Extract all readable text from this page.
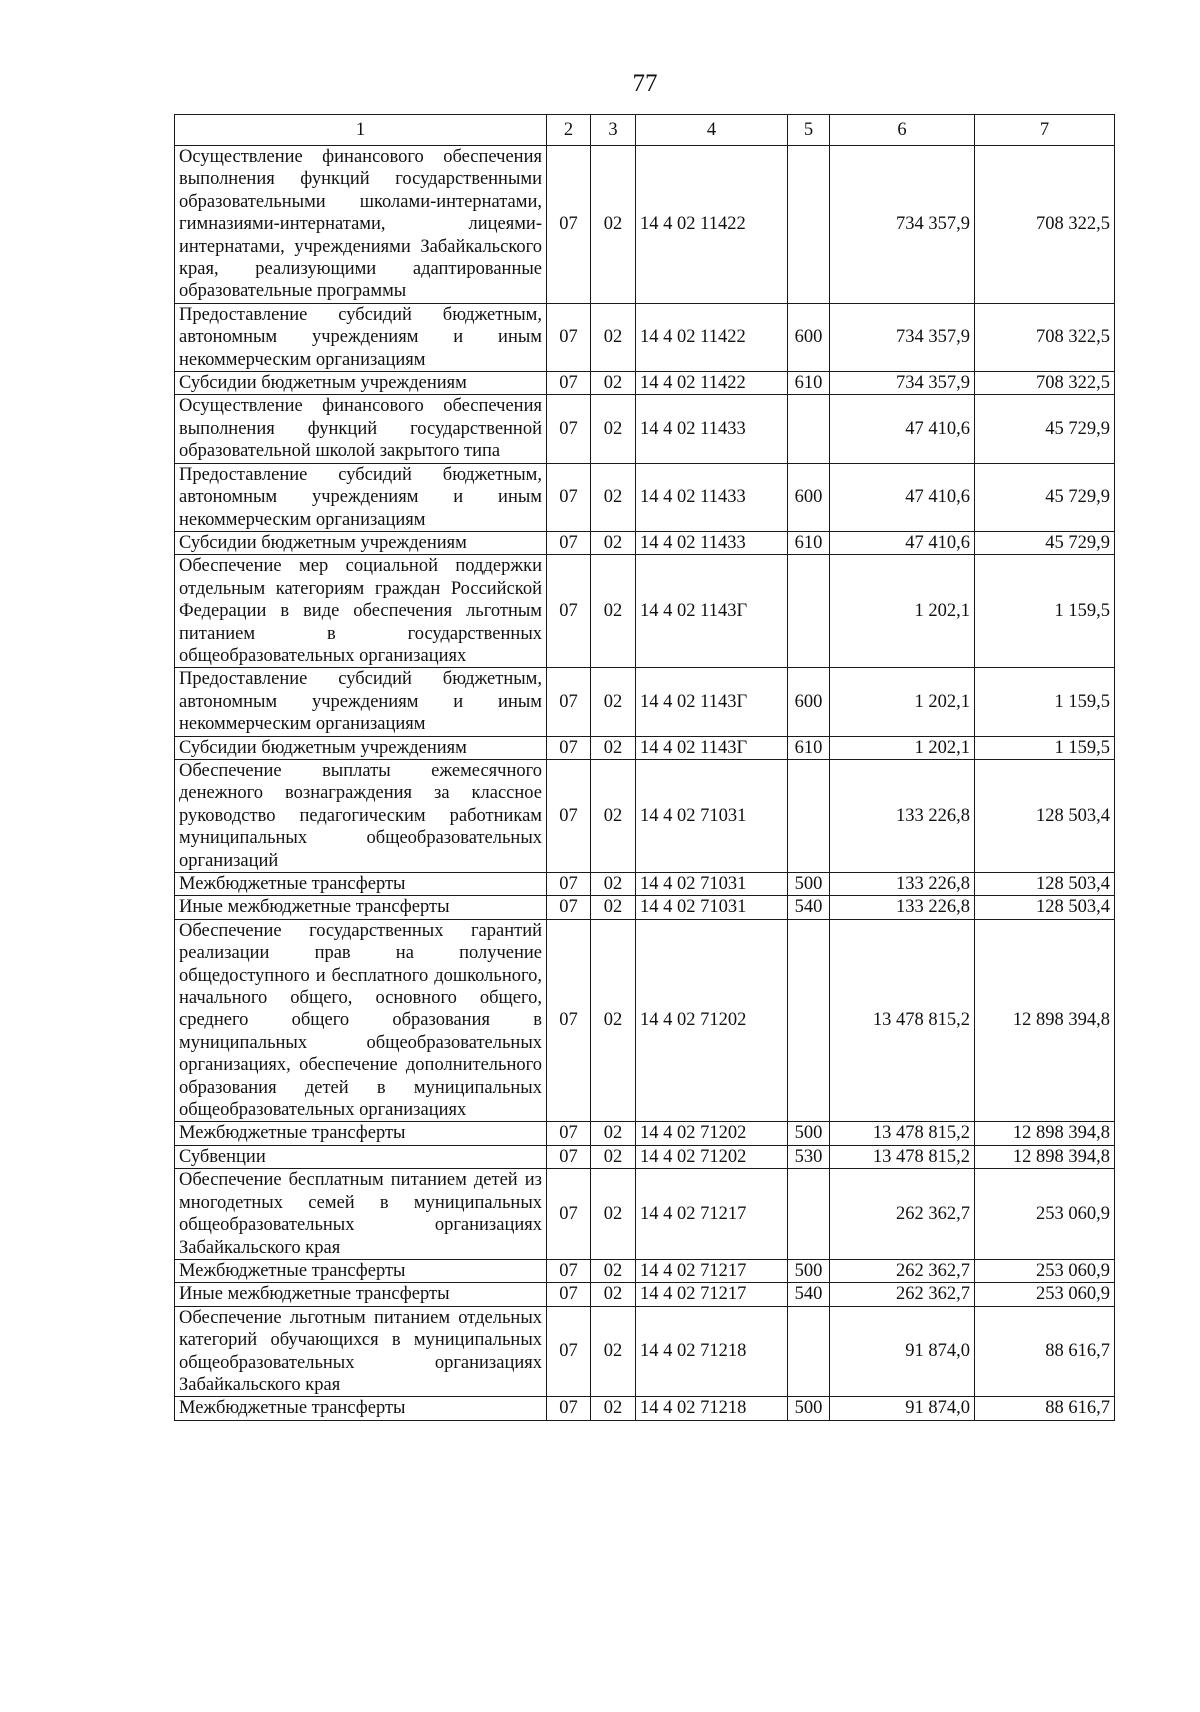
77
1	2	3	4	5	6	7
Осуществление финансового обеспечения выполнения функций государственными образовательными школами-интернатами, гимназиями-интернатами, лицеями-интернатами, учреждениями Забайкальского края, реализующими адаптированные образовательные программы	07	02	14 4 02 11422		734 357,9	708 322,5
Предоставление субсидий бюджетным, автономным учреждениям и иным некоммерческим организациям	07	02	14 4 02 11422	600	734 357,9	708 322,5
Субсидии бюджетным учреждениям	07	02	14 4 02 11422	610	734 357,9	708 322,5
Осуществление финансового обеспечения выполнения функций государственной образовательной школой закрытого типа	07	02	14 4 02 11433		47 410,6	45 729,9
Предоставление субсидий бюджетным, автономным учреждениям и иным некоммерческим организациям	07	02	14 4 02 11433	600	47 410,6	45 729,9
Субсидии бюджетным учреждениям	07	02	14 4 02 11433	610	47 410,6	45 729,9
Обеспечение мер социальной поддержки отдельным категориям граждан Российской Федерации в виде обеспечения льготным питанием в государственных общеобразовательных организациях	07	02	14 4 02 1143Г		1 202,1	1 159,5
Предоставление субсидий бюджетным, автономным учреждениям и иным некоммерческим организациям	07	02	14 4 02 1143Г	600	1 202,1	1 159,5
Субсидии бюджетным учреждениям	07	02	14 4 02 1143Г	610	1 202,1	1 159,5
Обеспечение выплаты ежемесячного денежного вознаграждения за классное руководство педагогическим работникам муниципальных общеобразовательных организаций	07	02	14 4 02 71031		133 226,8	128 503,4
Межбюджетные трансферты	07	02	14 4 02 71031	500	133 226,8	128 503,4
Иные межбюджетные трансферты	07	02	14 4 02 71031	540	133 226,8	128 503,4
Обеспечение государственных гарантий реализации прав на получение общедоступного и бесплатного дошкольного, начального общего, основного общего, среднего общего образования в муниципальных общеобразовательных организациях, обеспечение дополнительного образования детей в муниципальных общеобразовательных организациях	07	02	14 4 02 71202		13 478 815,2	12 898 394,8
Межбюджетные трансферты	07	02	14 4 02 71202	500	13 478 815,2	12 898 394,8
Субвенции	07	02	14 4 02 71202	530	13 478 815,2	12 898 394,8
Обеспечение бесплатным питанием детей из многодетных семей в муниципальных общеобразовательных организациях Забайкальского края	07	02	14 4 02 71217		262 362,7	253 060,9
Межбюджетные трансферты	07	02	14 4 02 71217	500	262 362,7	253 060,9
Иные межбюджетные трансферты	07	02	14 4 02 71217	540	262 362,7	253 060,9
Обеспечение льготным питанием отдельных категорий обучающихся в муниципальных общеобразовательных организациях Забайкальского края	07	02	14 4 02 71218		91 874,0	88 616,7
Межбюджетные трансферты	07	02	14 4 02 71218	500	91 874,0	88 616,7
